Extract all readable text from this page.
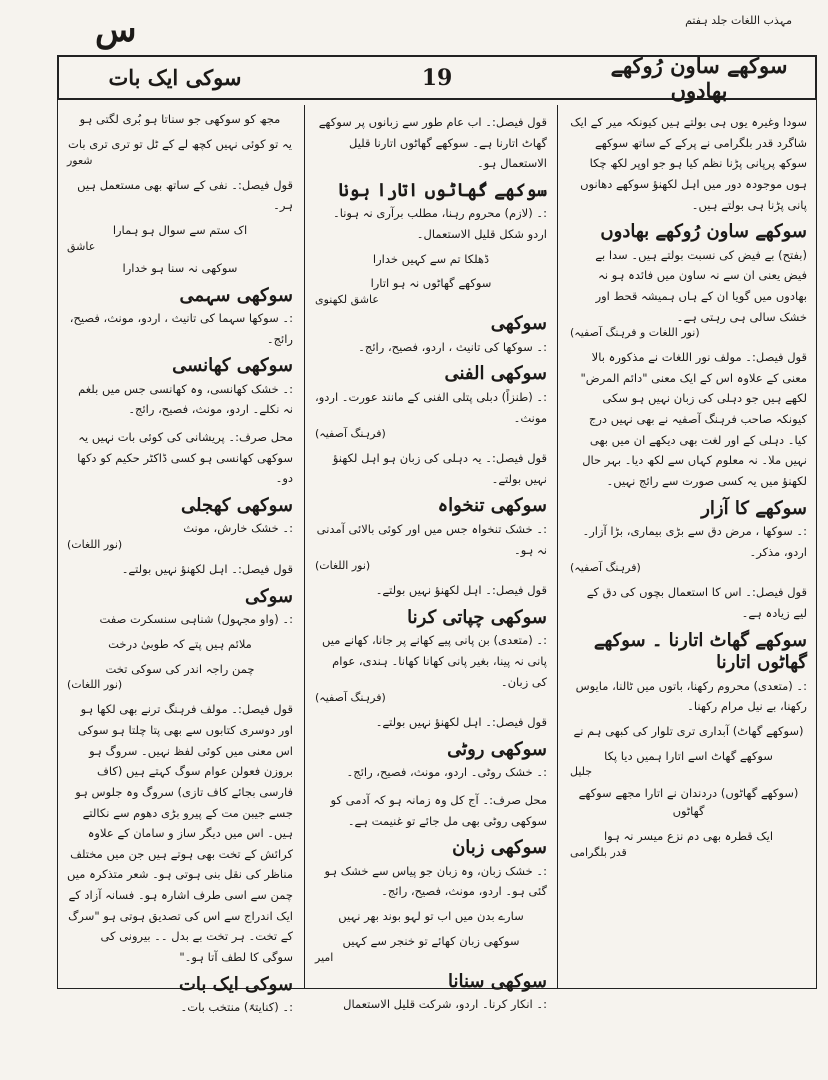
س	مہذب اللغات جلد ہفتم
سوکھے ساون رُوکھے بھادوں
19
سوکی ایک بات
سودا وغیرہ یوں ہی بولتے ہیں کیونکہ میر کے ایک شاگرد قدر بلگرامی نے پرکے کے ساتھ سوکھے سوکھ پرپانی پڑنا نظم کیا ہو جو اوپر لکھ چکا ہوں موجودہ دور میں اہل لکھنؤ سوکھے دھانوں پانی پڑنا ہی بولتے ہیں۔
سوکھے ساون رُوکھے بھادوں
(بفتح) بے فیض کی نسبت بولتے ہیں۔ سدا بے فیض یعنی ان سے نہ ساون میں فائدہ ہو نہ بھادوں میں گویا ان کے ہاں ہمیشہ قحط اور خشک سالی ہی رہتی ہے۔
(نور اللغات و فرہنگ آصفیہ)
قول فیصل:۔ مولف نور اللغات نے مذکورہ بالا معنی کے علاوہ اس کے ایک معنی "دائم المرض" لکھے ہیں جو دہلی کی زبان نہیں ہو سکی کیونکہ صاحب فرہنگ آصفیہ نے بھی نہیں درج کیا۔ دہلی کے اور لغت بھی دیکھے ان میں بھی نہیں ملا۔ نہ معلوم کہاں سے لکھ دیا۔ بہر حال لکھنؤ میں یہ کسی صورت سے رائج نہیں۔
سوکھے کا آزار
:۔ سوکھا ، مرض دق سے بڑی بیماری، بڑا آزار۔ اردو، مذکر۔
(فرہنگ آصفیہ)
قول فیصل:۔ اس کا استعمال بچوں کی دق کے لیے زیادہ ہے۔
سوکھے گھاٹ اتارنا ۔ سوکھے گھاٹوں اتارنا
:۔ (متعدی) محروم رکھنا، باتوں میں ٹالنا، مایوس رکھنا، بے نیل مرام رکھنا۔
(سوکھے گھاٹ) آبداری تری تلوار کی کبھی ہم نے
سوکھے گھاٹ اسے اتارا ہمیں دیا پکا
جلیل
(سوکھے گھاٹوں) دردندان نے اتارا مجھے سوکھے گھاٹوں
ایک قطرہ بھی دم نزع میسر نہ ہوا
قدر بلگرامی
قول فیصل:۔ اب عام طور سے زبانوں پر سوکھے گھاٹ اتارنا ہے۔ سوکھے گھاٹوں اتارنا قلیل الاستعمال ہو۔
سوکھے گھاٹوں اتارا ہونا
:۔ (لازم) محروم رہنا، مطلب برآری نہ ہونا۔ اردو شکل قلیل الاستعمال۔
ڈھلکا تم سے کہیں خدارا
سوکھے گھاٹوں نہ ہو اتارا
عاشق لکھنوی
سوکھی
:۔ سوکھا کی تانیث ، اردو، فصیح، رائج۔
سوکھی الفنی
:۔ (طنزاً) دبلی پتلی الفنی کے مانند عورت۔ اردو، مونث۔
(فرہنگ آصفیہ)
قول فیصل:۔ یہ دہلی کی زبان ہو اہل لکھنؤ نہیں بولتے۔
سوکھی تنخواہ
:۔ خشک تنخواہ جس میں اور کوئی بالائی آمدنی نہ ہو۔
(نور اللغات)
قول فیصل:۔ اہل لکھنؤ نہیں بولتے۔
سوکھی چپاتی کرنا
:۔ (متعدی) بن پانی پیے کھانے پر جانا، کھانے میں پانی نہ پینا، بغیر پانی کھانا کھانا۔ ہندی، عوام کی زبان۔
(فرہنگ آصفیہ)
قول فیصل:۔ اہل لکھنؤ نہیں بولتے۔
سوکھی روٹی
:۔ خشک روٹی۔ اردو، مونث، فصیح، رائج۔
محل صرف:۔ آج کل وہ زمانہ ہو کہ آدمی کو سوکھی روٹی بھی مل جائے تو غنیمت ہے۔
سوکھی زبان
:۔ خشک زبان، وہ زبان جو پیاس سے خشک ہو گئی ہو۔ اردو، مونث، فصیح، رائج۔
سارے بدن میں اب تو لہو بوند بھر نہیں
سوکھی زبان کھائے تو خنجر سے کہیں
امیر
سوکھی سنانا
:۔ انکار کرنا۔ اردو، شرکت قلیل الاستعمال
مجھ کو سوکھی جو سناتا ہو بُری لگتی ہو
یہ تو کوئی نہیں کچھ لے کے ٹل تو تری تری بات
شعور
قول فیصل:۔ نفی کے ساتھ بھی مستعمل ہیں ہر۔
اک ستم سے سوال ہو ہمارا
عاشق
سوکھی نہ سنا ہو خدارا
سوکھی سہمی
:۔ سوکھا سہما کی تانیث ، اردو، مونث، فصیح، رائج۔
سوکھی کھانسی
:۔ خشک کھانسی، وہ کھانسی جس میں بلغم نہ نکلے۔ اردو، مونث، فصیح، رائج۔
محل صرف:۔ پریشانی کی کوئی بات نہیں یہ سوکھی کھانسی ہو کسی ڈاکٹر حکیم کو دکھا دو۔
سوکھی کھجلی
:۔ خشک خارش، مونث
(نور اللغات)
قول فیصل:۔ اہل لکھنؤ نہیں بولتے۔
سوکی
:۔ (واو مجہول) شناہی سنسکرت صفت
ملائم ہیں پتے کہ طوبیٰ درخت
چمن راجہ اندر کی سوکی تخت
(نور اللغات)
قول فیصل:۔ مولف فرہنگ ترنے بھی لکھا ہو اور دوسری کتابوں سے بھی پتا چلتا ہو سوکی اس معنی میں کوئی لفظ نہیں۔ سروگ ہو بروزن فعولن عوام سوگ کہتے ہیں (کاف فارسی بجائے کاف تازی) سروگ وہ جلوس ہو جسے جیبن مت کے پیرو بڑی دھوم سے نکالتے ہیں۔ اس میں دیگر ساز و سامان کے علاوہ کرائش کے تخت بھی ہوتے ہیں جن میں مختلف مناظر کی نقل بنی ہوتی ہو۔ شعر متذکرہ میں چمن سے اسی طرف اشارہ ہو۔ فسانہ آزاد کے ایک اندراج سے اس کی تصدیق ہوتی ہو "سرگ کے تخت۔ ہر تخت بے بدل ۔۔ بیرونی کی سوگی کا لطف آتا ہو۔"
سوکی ایک بات
:۔ (کنایتہً) منتخب بات۔
